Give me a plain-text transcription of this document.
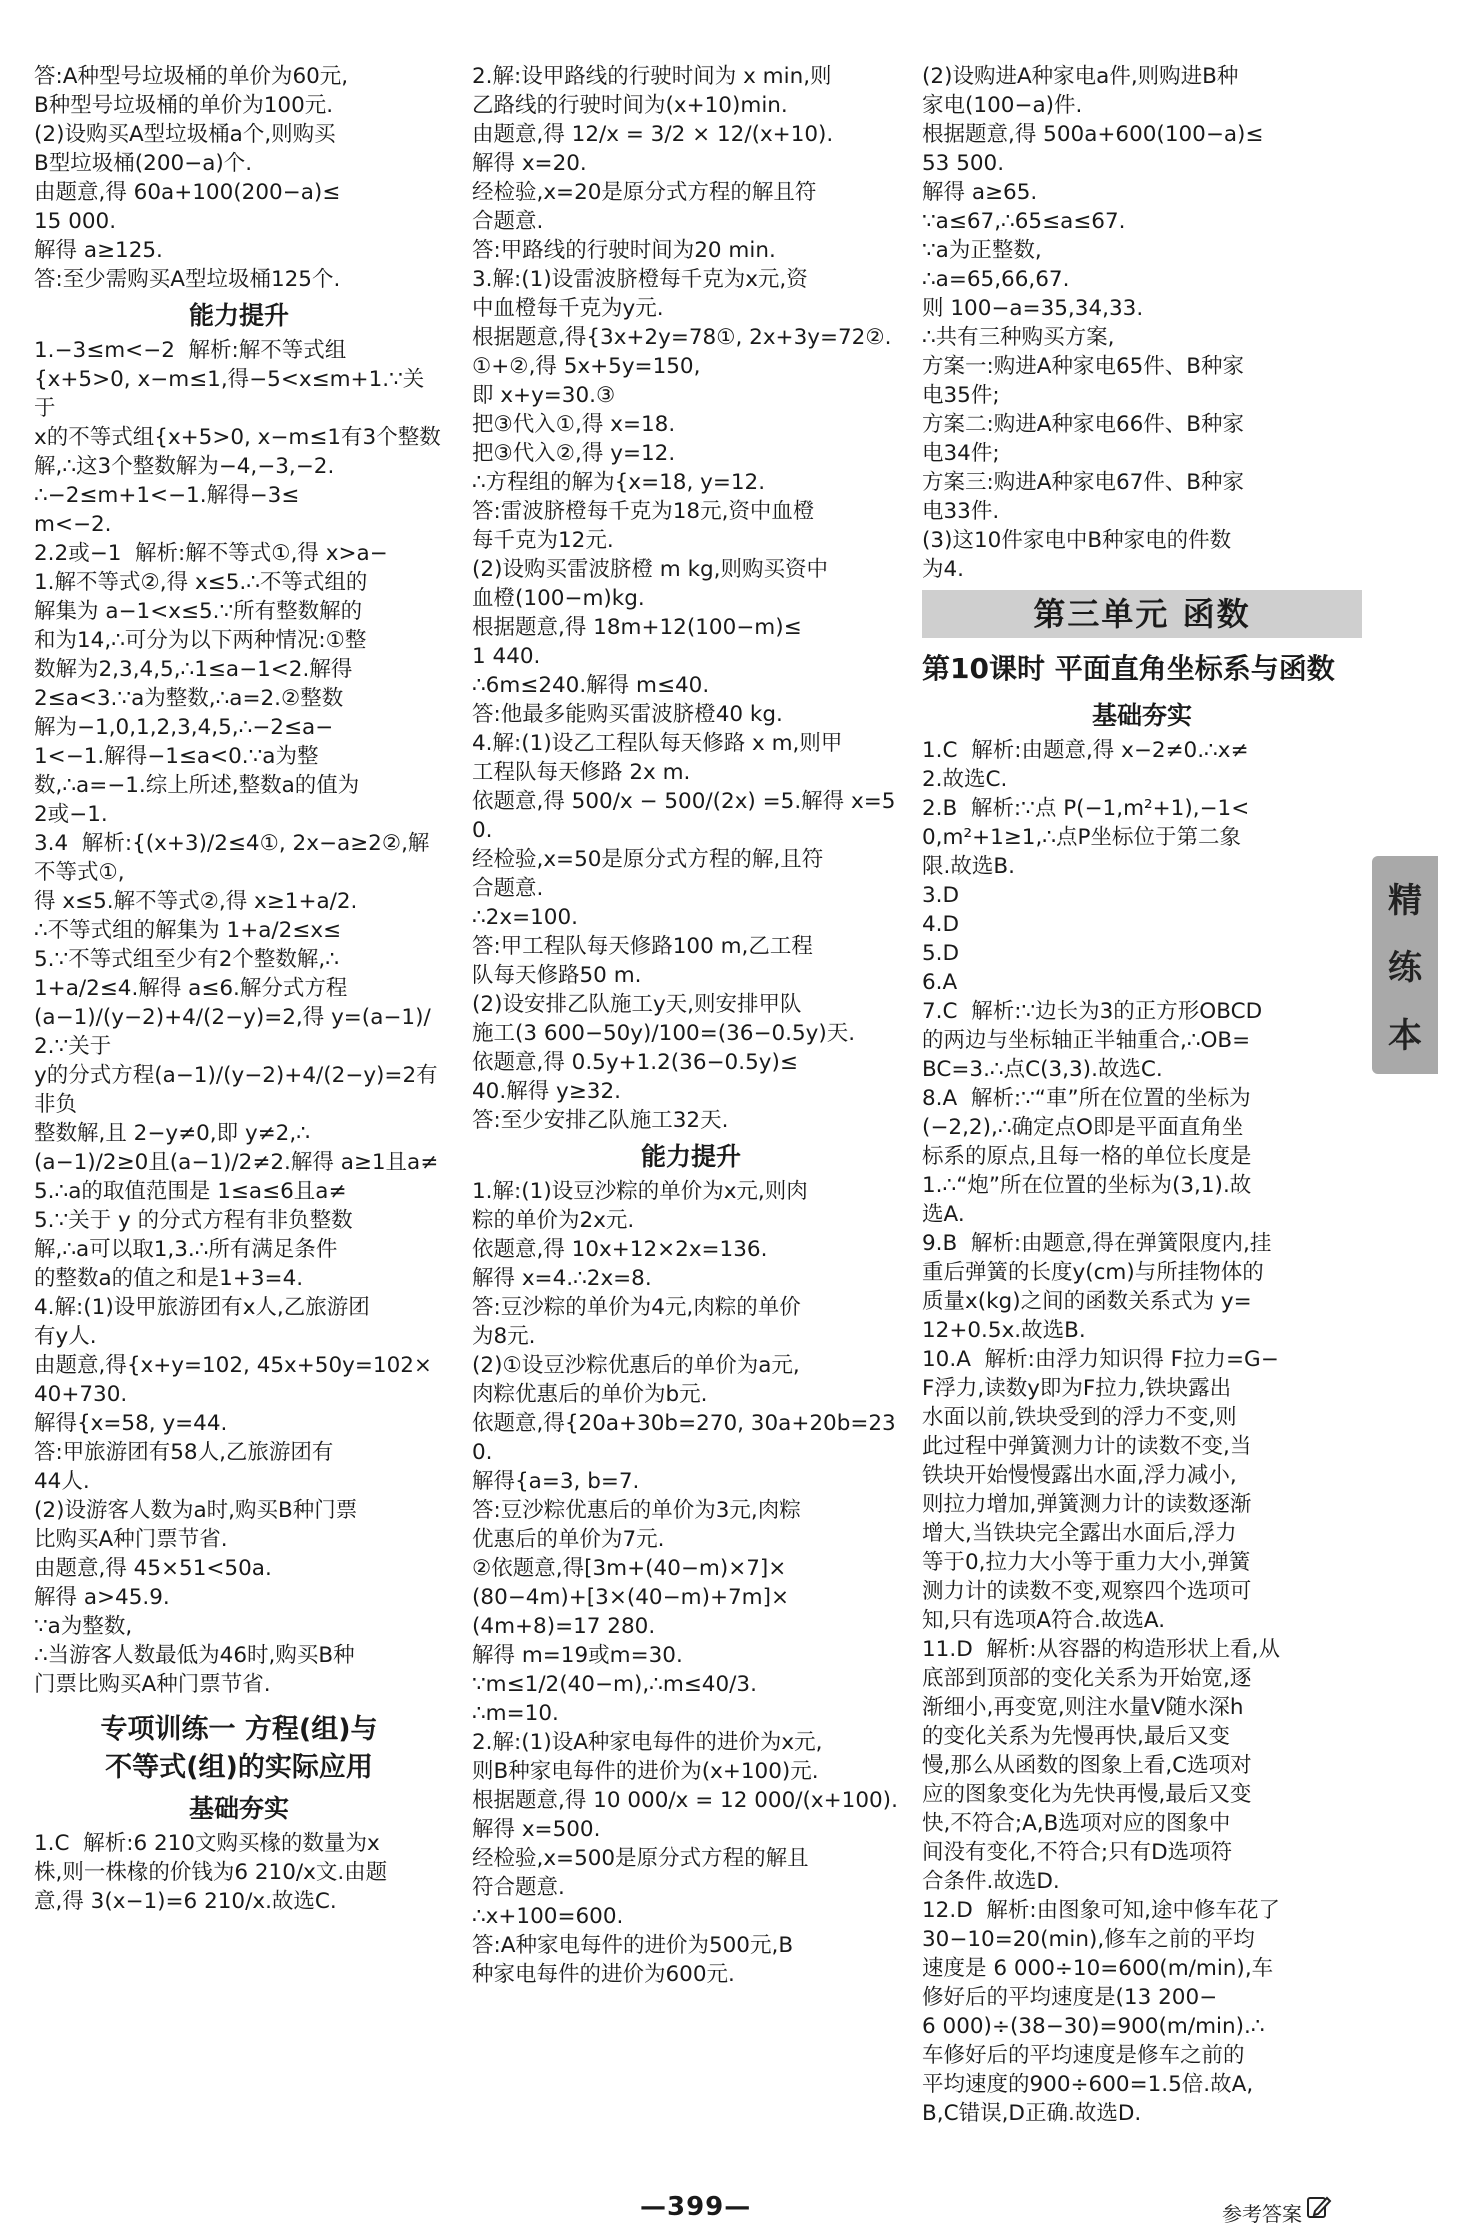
答:A种型号垃圾桶的单价为60元,

B种型号垃圾桶的单价为100元.

(2)设购买A型垃圾桶a个,则购买

B型垃圾桶(200−a)个.

由题意,得 60a+100(200−a)≤

15 000.

解得 a≥125.

答:至少需购买A型垃圾桶125个.

能力提升

1.−3≤m<−2  解析:解不等式组

{x+5>0, x−m≤1,得−5<x≤m+1.∵关于

x的不等式组{x+5>0, x−m≤1有3个整数

解,∴这3个整数解为−4,−3,−2.

∴−2≤m+1<−1.解得−3≤

m<−2.

2.2或−1  解析:解不等式①,得 x>a−

1.解不等式②,得 x≤5.∴不等式组的

解集为 a−1<x≤5.∵所有整数解的

和为14,∴可分为以下两种情况:①整

数解为2,3,4,5,∴1≤a−1<2.解得

2≤a<3.∵a为整数,∴a=2.②整数

解为−1,0,1,2,3,4,5,∴−2≤a−

1<−1.解得−1≤a<0.∵a为整

数,∴a=−1.综上所述,整数a的值为

2或−1.

3.4  解析:{(x+3)/2≤4①, 2x−a≥2②,解不等式①,

得 x≤5.解不等式②,得 x≥1+a/2.

∴不等式组的解集为 1+a/2≤x≤

5.∵不等式组至少有2个整数解,∴

1+a/2≤4.解得 a≤6.解分式方程

(a−1)/(y−2)+4/(2−y)=2,得 y=(a−1)/2.∵关于

y的分式方程(a−1)/(y−2)+4/(2−y)=2有非负

整数解,且 2−y≠0,即 y≠2,∴

(a−1)/2≥0且(a−1)/2≠2.解得 a≥1且a≠

5.∴a的取值范围是 1≤a≤6且a≠

5.∵关于 y 的分式方程有非负整数

解,∴a可以取1,3.∴所有满足条件

的整数a的值之和是1+3=4.

4.解:(1)设甲旅游团有x人,乙旅游团

有y人.

由题意,得{x+y=102, 45x+50y=102×40+730.

解得{x=58, y=44.

答:甲旅游团有58人,乙旅游团有

44人.

(2)设游客人数为a时,购买B种门票

比购买A种门票节省.

由题意,得 45×51<50a.

解得 a>45.9.

∵a为整数,

∴当游客人数最低为46时,购买B种

门票比购买A种门票节省.

专项训练一 方程(组)与
不等式(组)的实际应用
基础夯实

1.C  解析:6 210文购买椽的数量为x

株,则一株椽的价钱为6 210/x文.由题

意,得 3(x−1)=6 210/x.故选C.

2.解:设甲路线的行驶时间为 x min,则

乙路线的行驶时间为(x+10)min.

由题意,得 12/x = 3/2 × 12/(x+10).

解得 x=20.

经检验,x=20是原分式方程的解且符

合题意.

答:甲路线的行驶时间为20 min.

3.解:(1)设雷波脐橙每千克为x元,资

中血橙每千克为y元.

根据题意,得{3x+2y=78①, 2x+3y=72②.

①+②,得 5x+5y=150,

即 x+y=30.③

把③代入①,得 x=18.

把③代入②,得 y=12.

∴方程组的解为{x=18, y=12.

答:雷波脐橙每千克为18元,资中血橙

每千克为12元.

(2)设购买雷波脐橙 m kg,则购买资中

血橙(100−m)kg.

根据题意,得 18m+12(100−m)≤

1 440.

∴6m≤240.解得 m≤40.

答:他最多能购买雷波脐橙40 kg.

4.解:(1)设乙工程队每天修路 x m,则甲

工程队每天修路 2x m.

依题意,得 500/x − 500/(2x) =5.解得 x=50.

经检验,x=50是原分式方程的解,且符

合题意.

∴2x=100.

答:甲工程队每天修路100 m,乙工程

队每天修路50 m.

(2)设安排乙队施工y天,则安排甲队

施工(3 600−50y)/100=(36−0.5y)天.

依题意,得 0.5y+1.2(36−0.5y)≤

40.解得 y≥32.

答:至少安排乙队施工32天.

能力提升

1.解:(1)设豆沙粽的单价为x元,则肉

粽的单价为2x元.

依题意,得 10x+12×2x=136.

解得 x=4.∴2x=8.

答:豆沙粽的单价为4元,肉粽的单价

为8元.

(2)①设豆沙粽优惠后的单价为a元,

肉粽优惠后的单价为b元.

依题意,得{20a+30b=270, 30a+20b=230.

解得{a=3, b=7.

答:豆沙粽优惠后的单价为3元,肉粽

优惠后的单价为7元.

②依题意,得[3m+(40−m)×7]×

(80−4m)+[3×(40−m)+7m]×

(4m+8)=17 280.

解得 m=19或m=30.

∵m≤1/2(40−m),∴m≤40/3.

∴m=10.

2.解:(1)设A种家电每件的进价为x元,

则B种家电每件的进价为(x+100)元.

根据题意,得 10 000/x = 12 000/(x+100).

解得 x=500.

经检验,x=500是原分式方程的解且

符合题意.

∴x+100=600.

答:A种家电每件的进价为500元,B

种家电每件的进价为600元.

(2)设购进A种家电a件,则购进B种

家电(100−a)件.

根据题意,得 500a+600(100−a)≤

53 500.

解得 a≥65.

∵a≤67,∴65≤a≤67.

∵a为正整数,

∴a=65,66,67.

则 100−a=35,34,33.

∴共有三种购买方案,

方案一:购进A种家电65件、B种家

电35件;

方案二:购进A种家电66件、B种家

电34件;

方案三:购进A种家电67件、B种家

电33件.

(3)这10件家电中B种家电的件数

为4.

第三单元 函数
第10课时 平面直角坐标系与函数
基础夯实

1.C  解析:由题意,得 x−2≠0.∴x≠

2.故选C.

2.B  解析:∵点 P(−1,m²+1),−1<

0,m²+1≥1,∴点P坐标位于第二象

限.故选B.

3.D

4.D

5.D

6.A

7.C  解析:∵边长为3的正方形OBCD

的两边与坐标轴正半轴重合,∴OB=

BC=3.∴点C(3,3).故选C.

8.A  解析:∵“車”所在位置的坐标为

(−2,2),∴确定点O即是平面直角坐

标系的原点,且每一格的单位长度是

1.∴“炮”所在位置的坐标为(3,1).故

选A.

9.B  解析:由题意,得在弹簧限度内,挂

重后弹簧的长度y(cm)与所挂物体的

质量x(kg)之间的函数关系式为 y=

12+0.5x.故选B.

10.A  解析:由浮力知识得 F拉力=G−

F浮力,读数y即为F拉力,铁块露出

水面以前,铁块受到的浮力不变,则

此过程中弹簧测力计的读数不变,当

铁块开始慢慢露出水面,浮力减小,

则拉力增加,弹簧测力计的读数逐渐

增大,当铁块完全露出水面后,浮力

等于0,拉力大小等于重力大小,弹簧

测力计的读数不变,观察四个选项可

知,只有选项A符合.故选A.

11.D  解析:从容器的构造形状上看,从

底部到顶部的变化关系为开始宽,逐

渐细小,再变宽,则注水量V随水深h

的变化关系为先慢再快,最后又变

慢,那么从函数的图象上看,C选项对

应的图象变化为先快再慢,最后又变

快,不符合;A,B选项对应的图象中

间没有变化,不符合;只有D选项符

合条件.故选D.

12.D  解析:由图象可知,途中修车花了

30−10=20(min),修车之前的平均

速度是 6 000÷10=600(m/min),车

修好后的平均速度是(13 200−

6 000)÷(38−30)=900(m/min).∴

车修好后的平均速度是修车之前的

平均速度的900÷600=1.5倍.故A,

B,C错误,D正确.故选D.

精
练
本
—399—	参考答案
